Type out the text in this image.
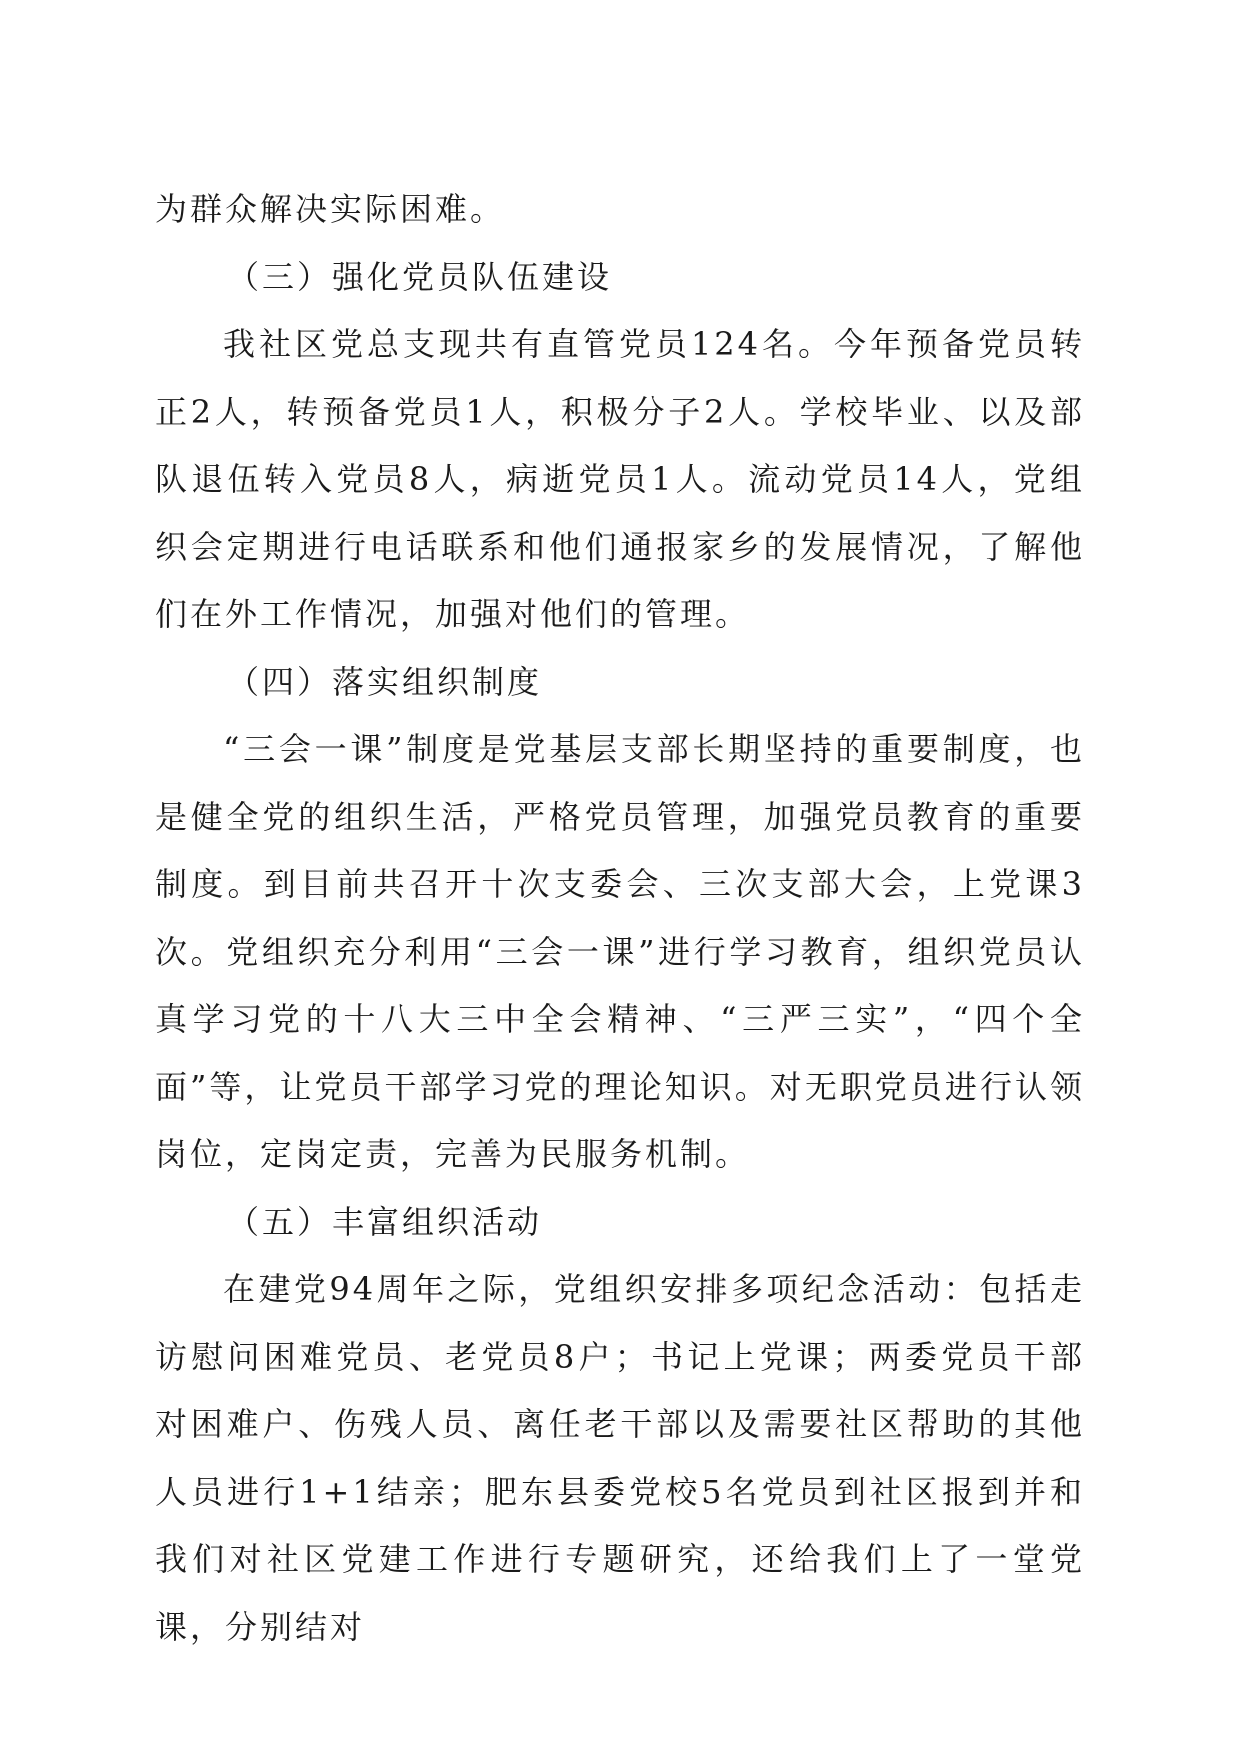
为群众解决实际困难。

（三）强化党员队伍建设

我社区党总支现共有直管党员124名。今年预备党员转正2人，转预备党员1人，积极分子2人。学校毕业、以及部队退伍转入党员8人，病逝党员1人。流动党员14人，党组织会定期进行电话联系和他们通报家乡的发展情况，了解他们在外工作情况，加强对他们的管理。

（四）落实组织制度

“三会一课”制度是党基层支部长期坚持的重要制度，也是健全党的组织生活，严格党员管理，加强党员教育的重要制度。到目前共召开十次支委会、三次支部大会，上党课3次。党组织充分利用“三会一课”进行学习教育，组织党员认真学习党的十八大三中全会精神、“三严三实”，“四个全面”等，让党员干部学习党的理论知识。对无职党员进行认领岗位，定岗定责，完善为民服务机制。

（五）丰富组织活动

在建党94周年之际，党组织安排多项纪念活动：包括走访慰问困难党员、老党员8户；书记上党课；两委党员干部对困难户、伤残人员、离任老干部以及需要社区帮助的其他人员进行1+1结亲；肥东县委党校5名党员到社区报到并和我们对社区党建工作进行专题研究，还给我们上了一堂党课，分别结对
